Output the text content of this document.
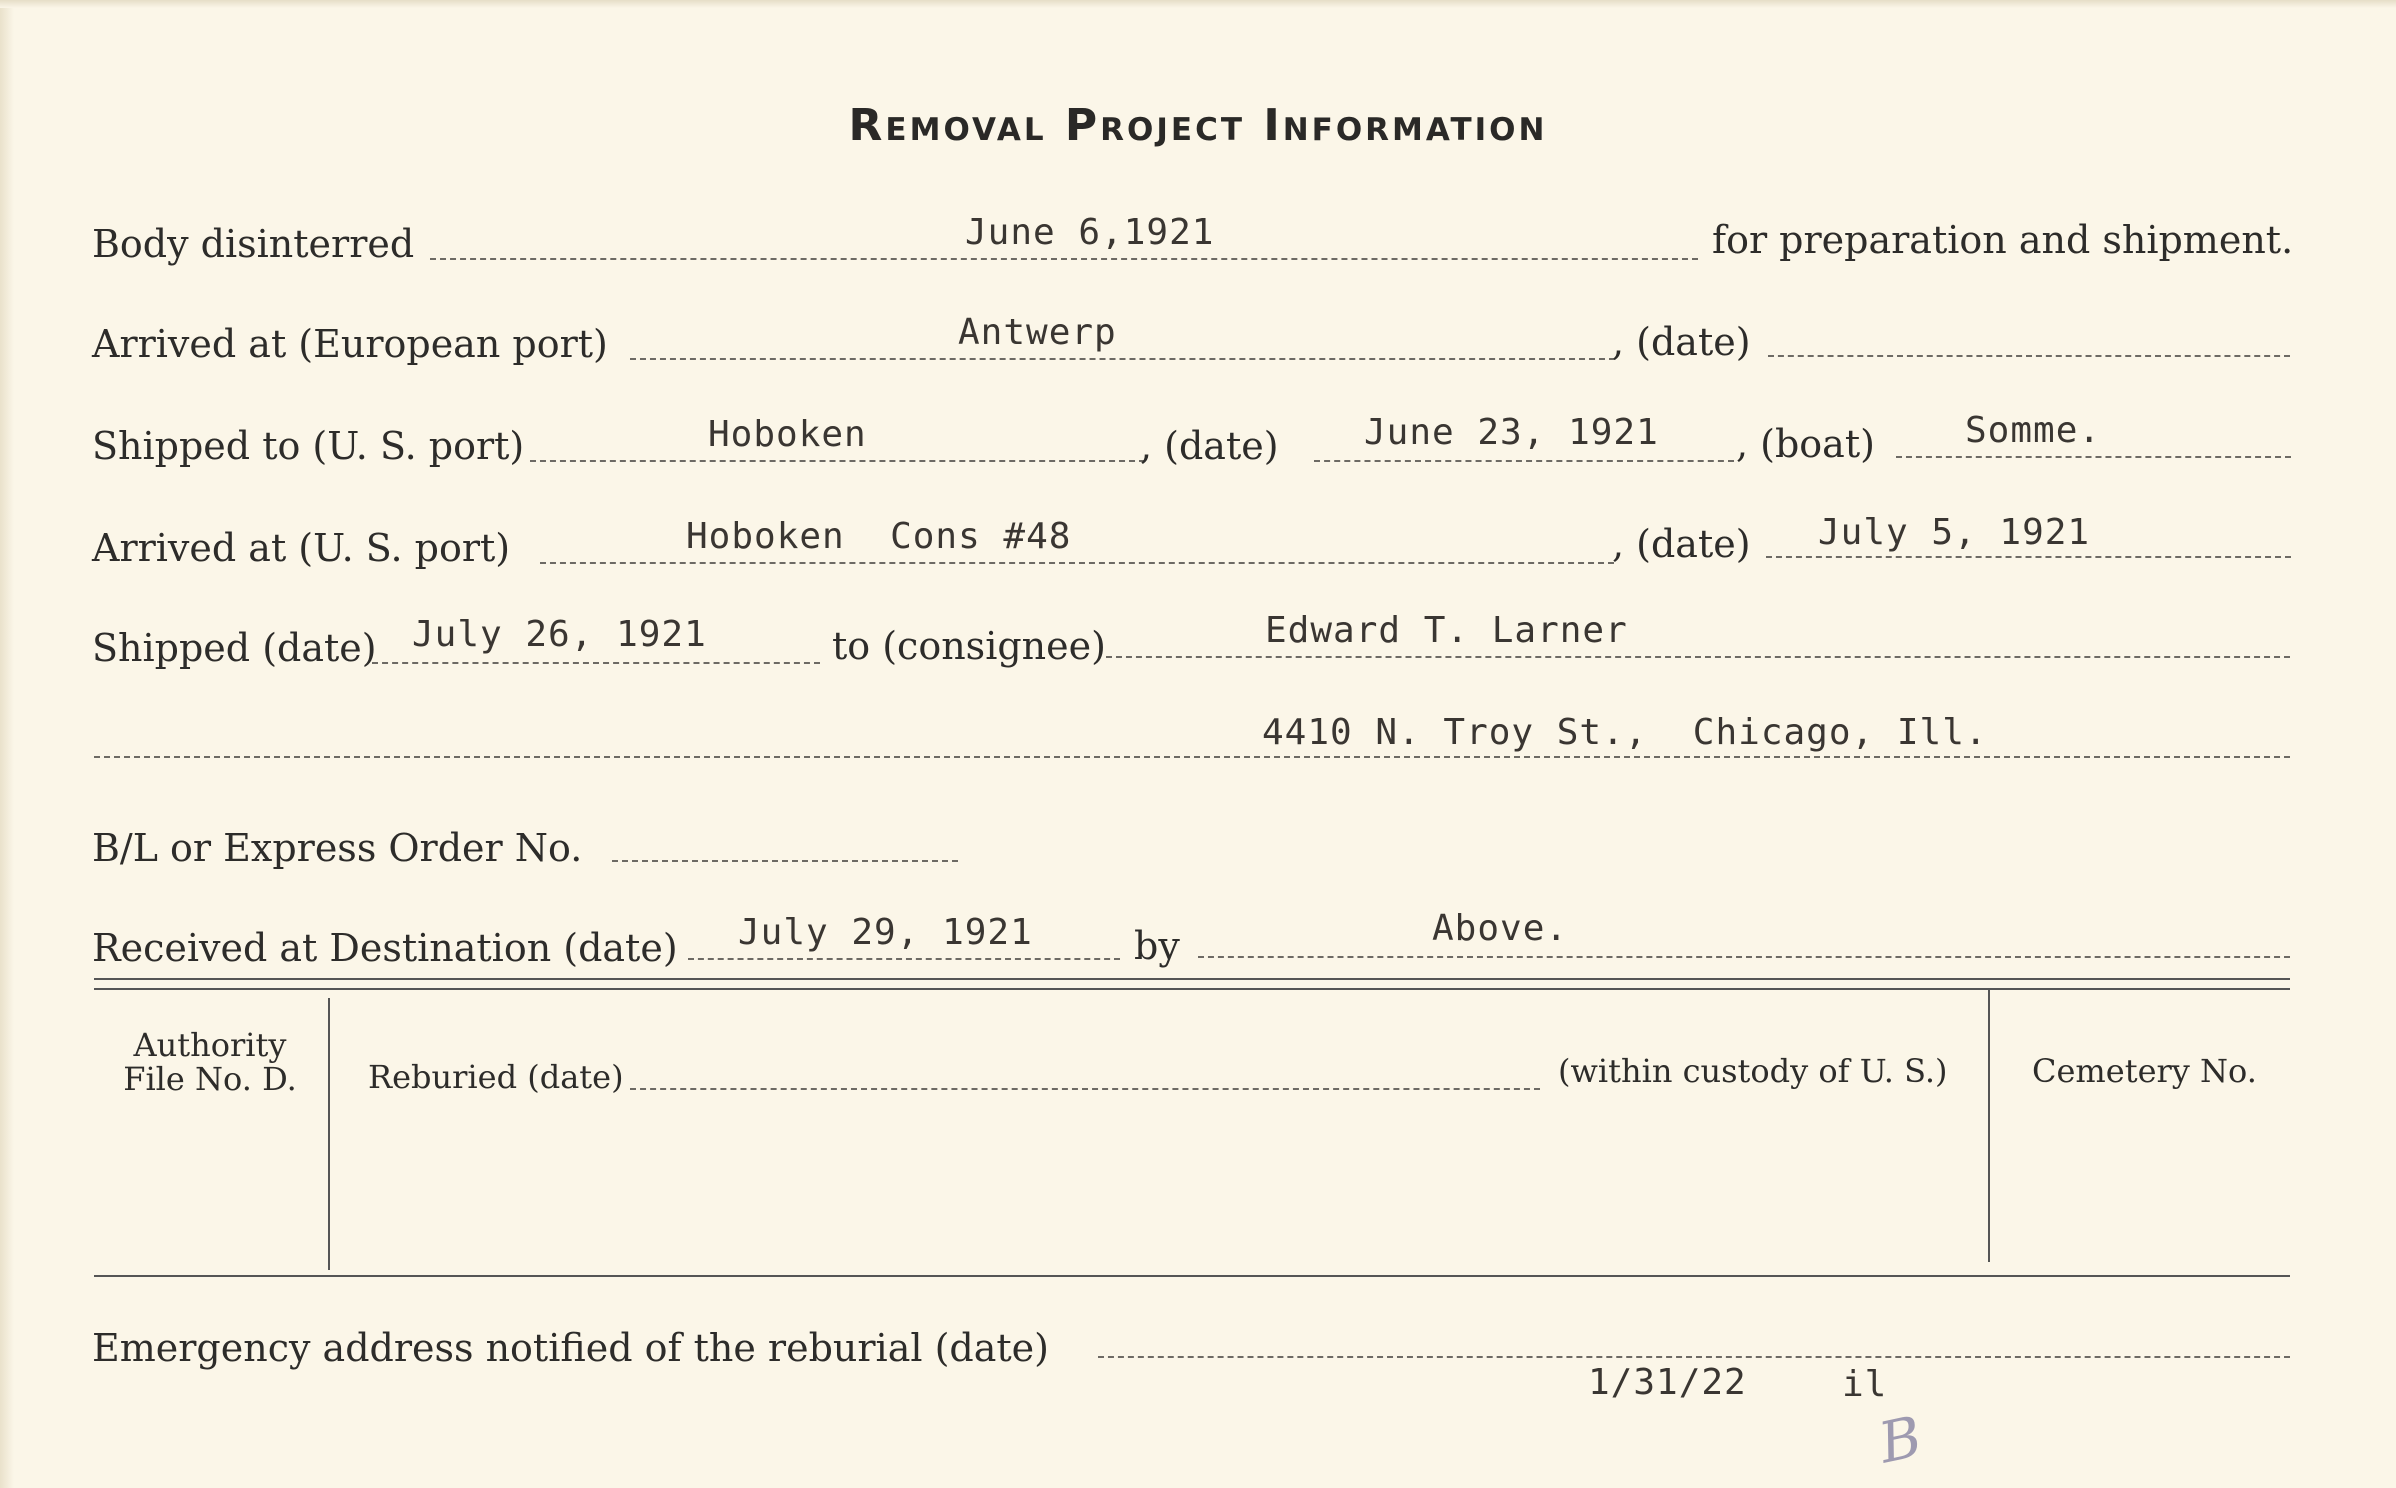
Removal Project Information
Body disinterred	June 6,1921	for preparation and shipment.
Arrived at (European port)	Antwerp	, (date)
Shipped to (U. S. port)	Hoboken	, (date) June 23, 1921 , (boat)	Somme.
Arrived at (U. S. port)	Hoboken  Cons #48	, (date) July 5, 1921
Shipped (date) July 26, 1921	to (consignee)	Edward T. Larner
4410 N. Troy St.,  Chicago, Ill.
B/L or Express Order No.
Received at Destination (date) July 29, 1921	by	Above.
Authority
File No. D.	Reburied (date)	(within custody of U. S.)	Cemetery No.
Emergency address notified of the reburial (date)
1/31/22	il
B
